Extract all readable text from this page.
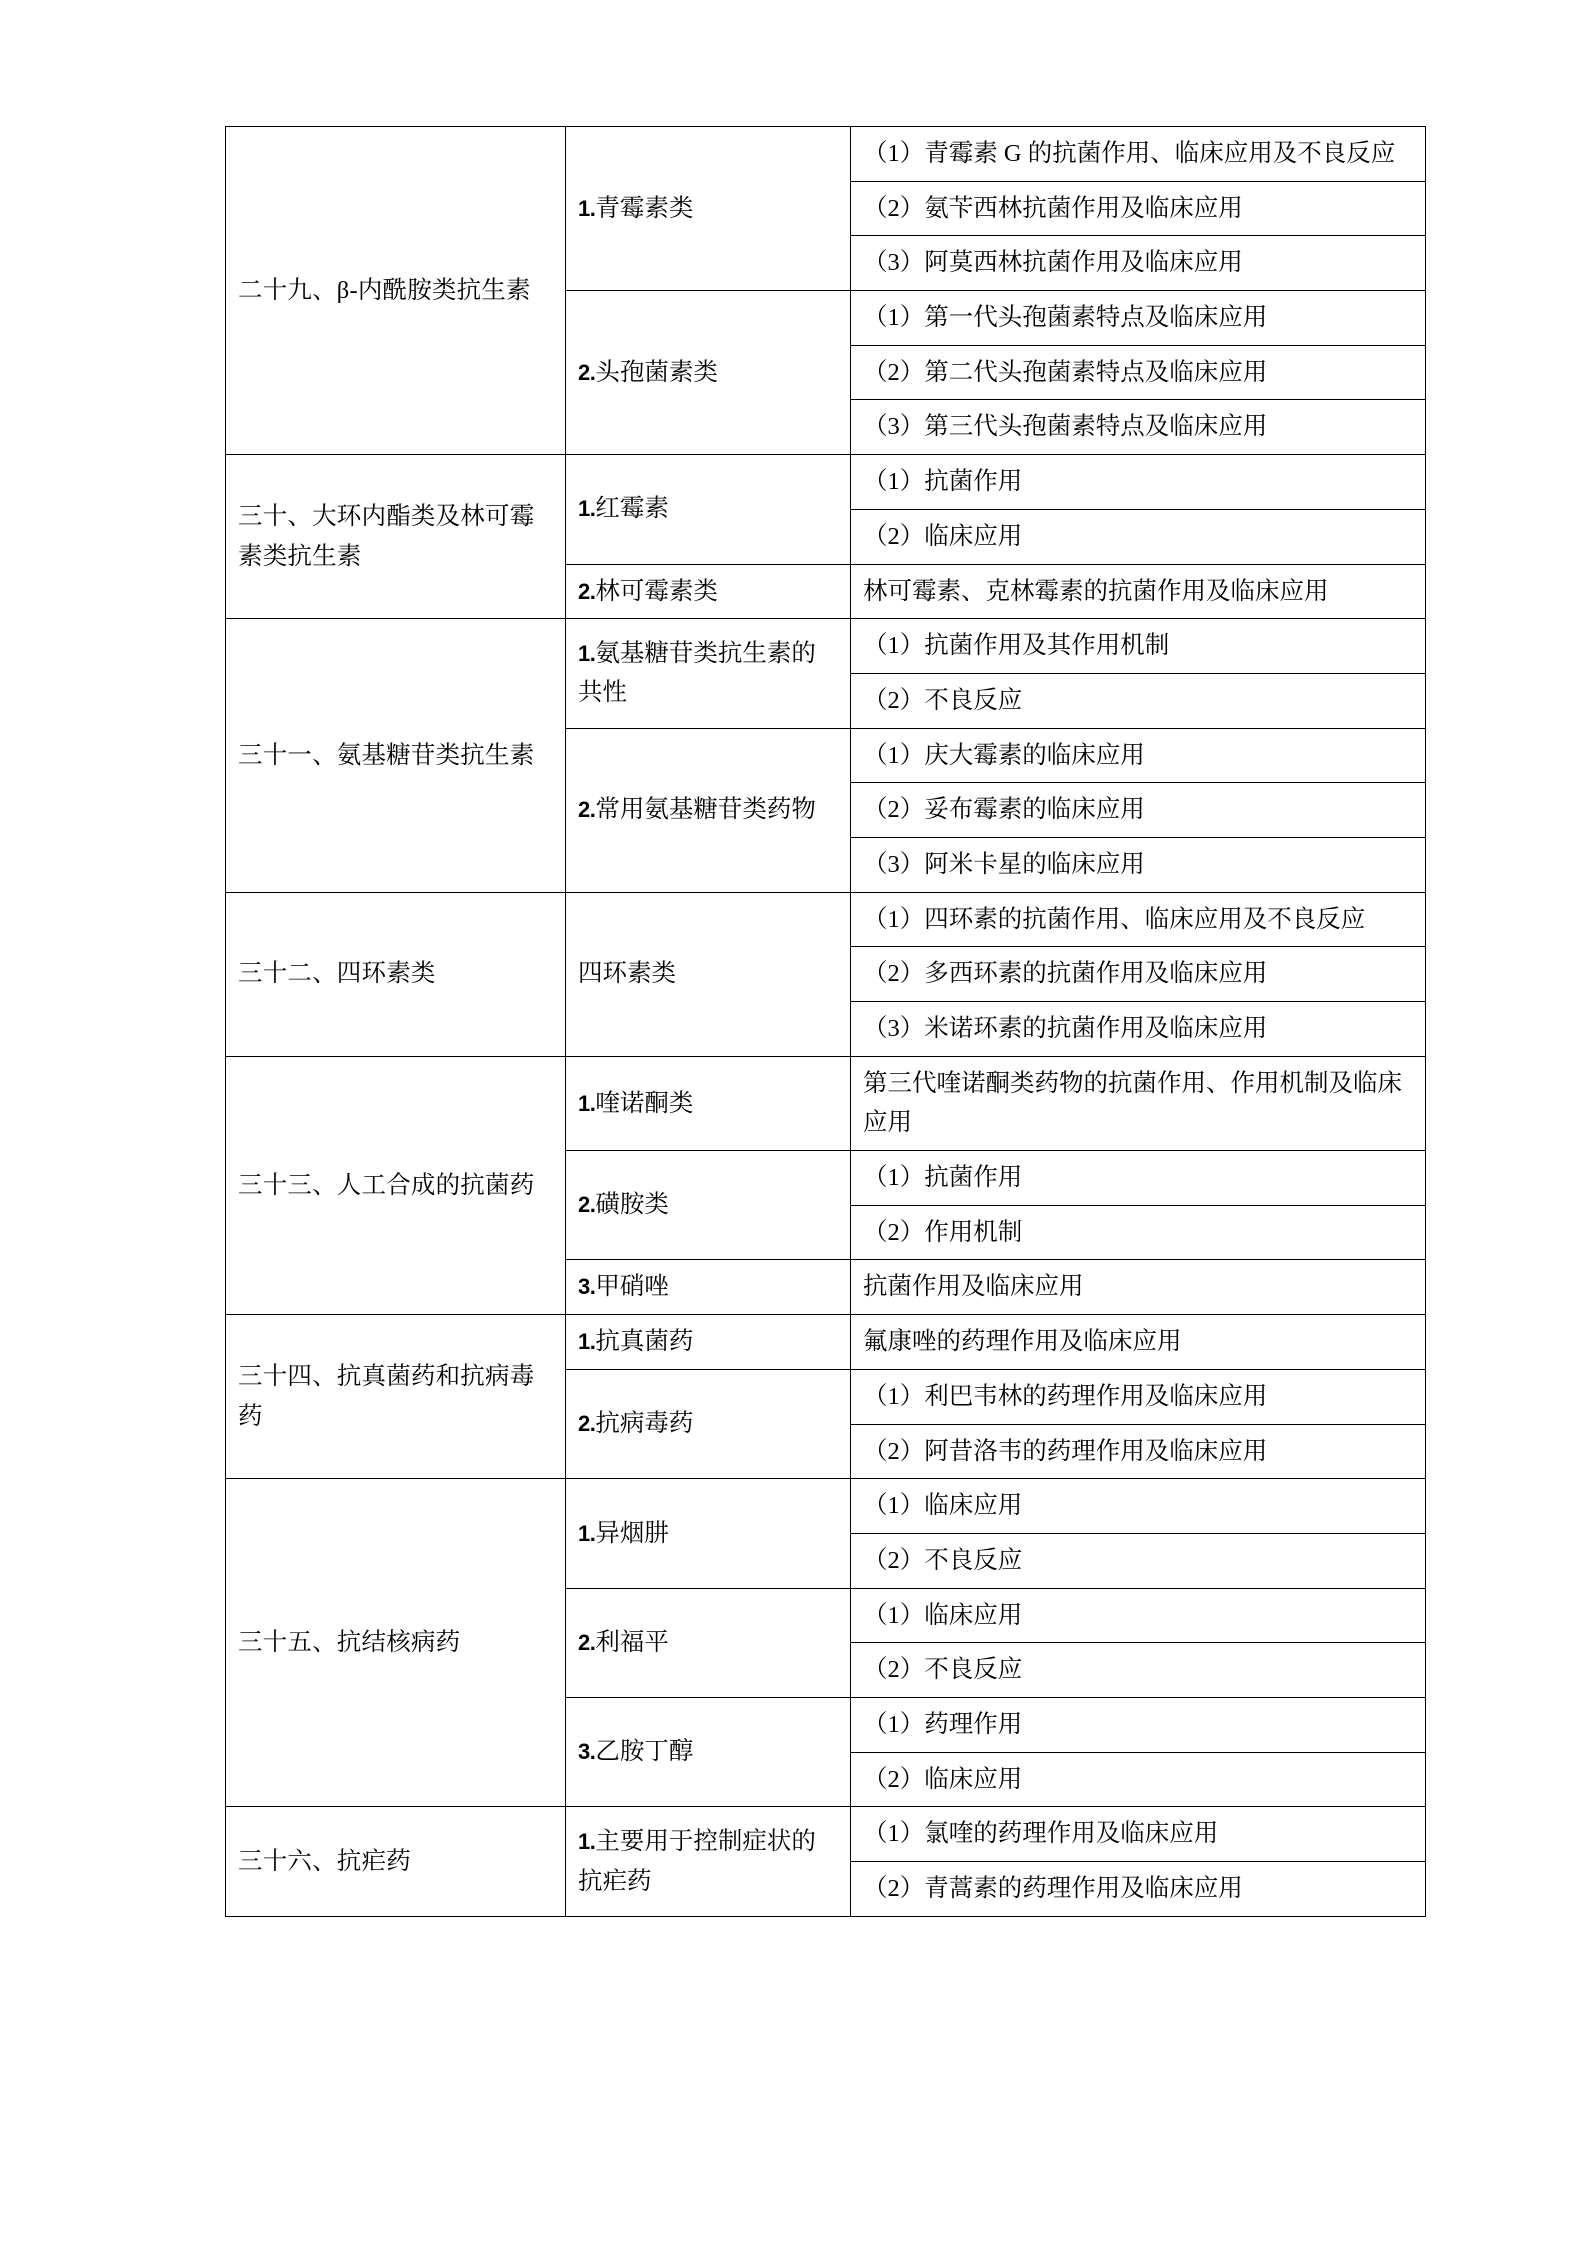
二十九、β-内酰胺类抗生素	1.青霉素类	（1）青霉素 G 的抗菌作用、临床应用及不良反应
		（2）氨苄西林抗菌作用及临床应用
		（3）阿莫西林抗菌作用及临床应用
	2.头孢菌素类	（1）第一代头孢菌素特点及临床应用
		（2）第二代头孢菌素特点及临床应用
		（3）第三代头孢菌素特点及临床应用
三十、大环内酯类及林可霉素类抗生素	1.红霉素	（1）抗菌作用
		（2）临床应用
	2.林可霉素类	林可霉素、克林霉素的抗菌作用及临床应用
三十一、氨基糖苷类抗生素	1.氨基糖苷类抗生素的共性	（1）抗菌作用及其作用机制
		（2）不良反应
	2.常用氨基糖苷类药物	（1）庆大霉素的临床应用
		（2）妥布霉素的临床应用
		（3）阿米卡星的临床应用
三十二、四环素类	四环素类	（1）四环素的抗菌作用、临床应用及不良反应
		（2）多西环素的抗菌作用及临床应用
		（3）米诺环素的抗菌作用及临床应用
三十三、人工合成的抗菌药	1.喹诺酮类	第三代喹诺酮类药物的抗菌作用、作用机制及临床应用
	2.磺胺类	（1）抗菌作用
		（2）作用机制
	3.甲硝唑	抗菌作用及临床应用
三十四、抗真菌药和抗病毒药	1.抗真菌药	氟康唑的药理作用及临床应用
	2.抗病毒药	（1）利巴韦林的药理作用及临床应用
		（2）阿昔洛韦的药理作用及临床应用
三十五、抗结核病药	1.异烟肼	（1）临床应用
		（2）不良反应
	2.利福平	（1）临床应用
		（2）不良反应
	3.乙胺丁醇	（1）药理作用
		（2）临床应用
三十六、抗疟药	1.主要用于控制症状的抗疟药	（1）氯喹的药理作用及临床应用
		（2）青蒿素的药理作用及临床应用
